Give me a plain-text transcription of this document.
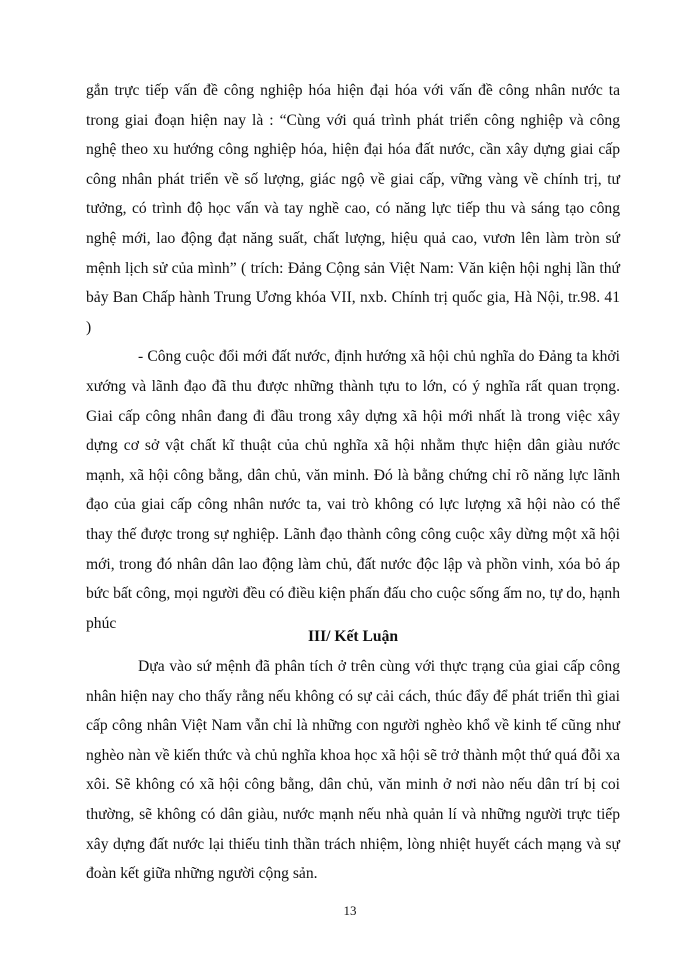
gắn trực tiếp vấn đề công nghiệp hóa hiện đại hóa với vấn đề công nhân nước ta trong giai đoạn hiện nay là : “Cùng với quá trình phát triển công nghiệp và công nghệ theo xu hướng công nghiệp hóa, hiện đại hóa đất nước, cần xây dựng giai cấp công nhân phát triển về số lượng, giác ngộ về giai cấp, vững vàng về chính trị, tư tưởng, có trình độ học vấn và tay nghề cao, có năng lực tiếp thu và sáng tạo công nghệ mới, lao động đạt năng suất, chất lượng, hiệu quả cao, vươn lên làm tròn sứ mệnh lịch sử của mình” ( trích: Đảng Cộng sản Việt Nam: Văn kiện hội nghị lần thứ bảy Ban Chấp hành Trung Ương khóa VII, nxb. Chính trị quốc gia, Hà Nội, tr.98. 41 )

- Công cuộc đổi mới đất nước, định hướng xã hội chủ nghĩa do Đảng ta khởi xướng và lãnh đạo đã thu được những thành tựu to lớn, có ý nghĩa rất quan trọng. Giai cấp công nhân đang đi đầu trong xây dựng xã hội mới nhất là trong việc xây dựng cơ sở vật chất kĩ thuật của chủ nghĩa xã hội nhằm thực hiện dân giàu nước mạnh, xã hội công bằng, dân chủ, văn minh. Đó là bằng chứng chỉ rõ năng lực lãnh đạo của giai cấp công nhân nước ta, vai trò không có lực lượng xã hội nào có thể thay thế được trong sự nghiệp. Lãnh đạo thành công công cuộc xây dừng một xã hội mới, trong đó nhân dân lao động làm chủ, đất nước độc lập và phồn vinh, xóa bỏ áp bức bất công, mọi người đều có điều kiện phấn đấu cho cuộc sống ấm no, tự do, hạnh phúc

III/ Kết Luận

Dựa vào sứ mệnh đã phân tích ở trên cùng với thực trạng của giai cấp công nhân hiện nay cho thấy rằng nếu không có sự cải cách, thúc đẩy để phát triển thì giai cấp công nhân Việt Nam vẫn chỉ là những con người nghèo khổ về kinh tế cũng như nghèo nàn về kiến thức và chủ nghĩa khoa học xã hội sẽ trở thành một thứ quá đỗi xa xôi. Sẽ không có xã hội công bằng, dân chủ, văn minh ở nơi nào nếu dân trí bị coi thường, sẽ không có dân giàu, nước mạnh nếu nhà quản lí và những người trực tiếp xây dựng đất nước lại thiếu tinh thần trách nhiệm, lòng nhiệt huyết cách mạng và sự đoàn kết giữa những người cộng sản.

13
